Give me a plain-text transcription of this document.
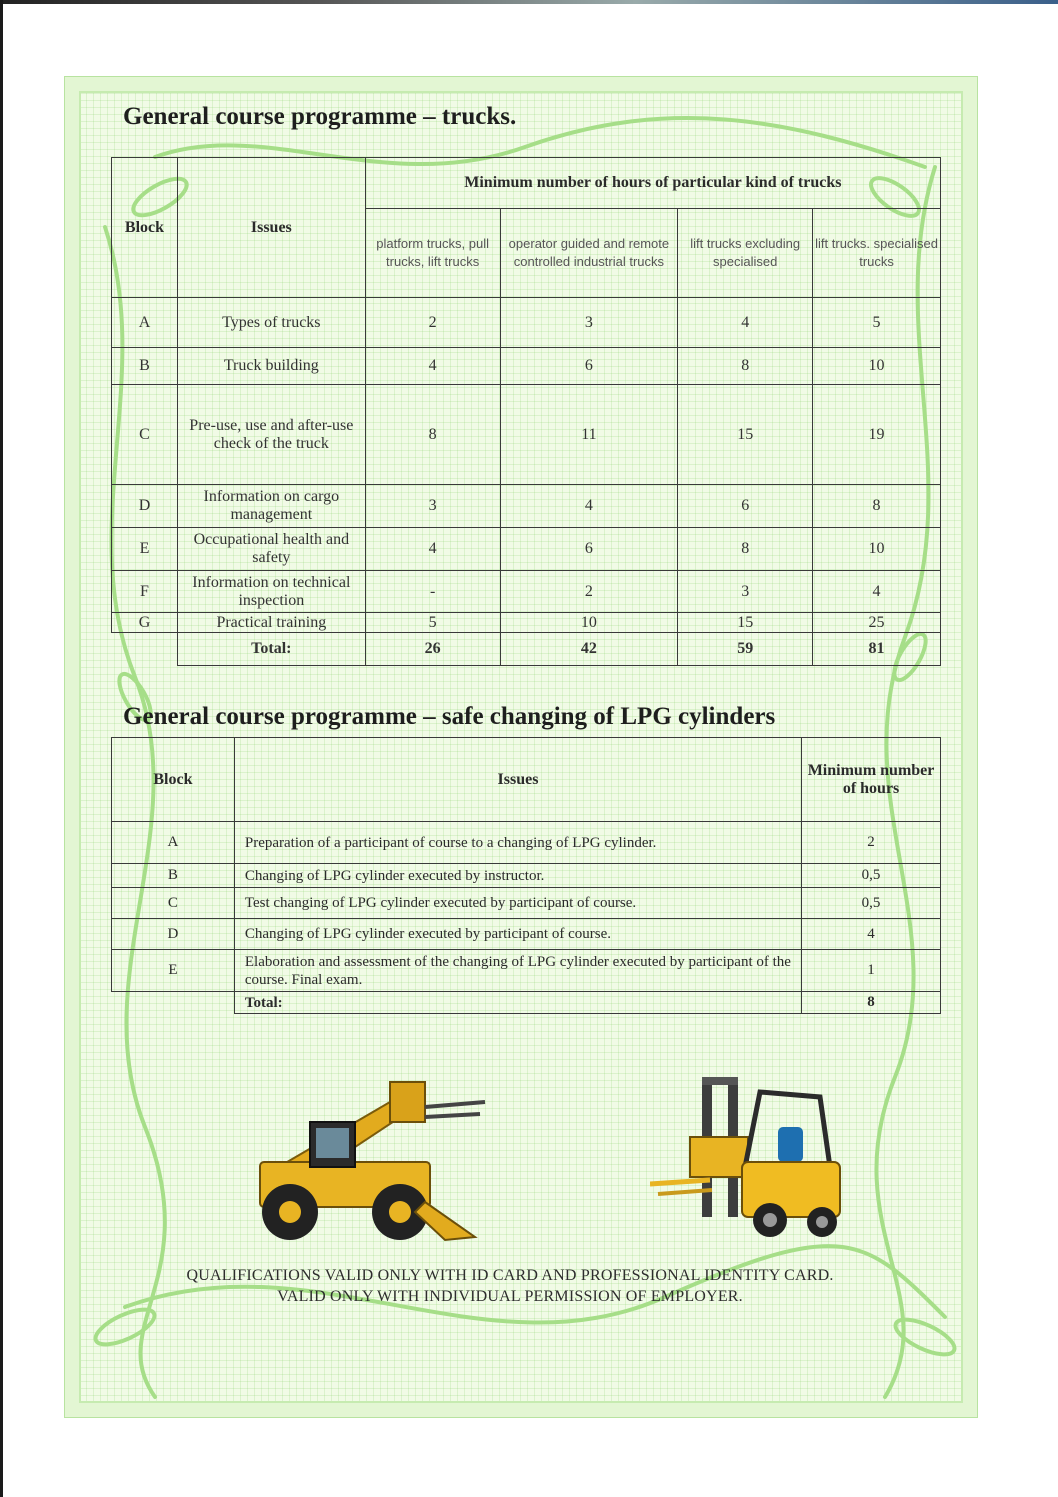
General course programme – trucks.
Block	Issues	Minimum number of hours of particular kind of trucks			
		platform trucks, pull trucks, lift trucks	operator guided and remote controlled industrial trucks	lift trucks excluding specialised	lift trucks. specialised trucks
A	Types of trucks	2	3	4	5
B	Truck building	4	6	8	10
C	Pre-use, use and after-use check of the truck	8	11	15	19
D	Information on cargo management	3	4	6	8
E	Occupational health and safety	4	6	8	10
F	Information on technical inspection	-	2	3	4
G	Practical training	5	10	15	25
	Total:	26	42	59	81
General course programme – safe changing of LPG cylinders
Block	Issues	Minimum number of hours
A	Preparation of a participant of course to a changing of LPG cylinder.	2
B	Changing of LPG cylinder executed by instructor.	0,5
C	Test changing of LPG cylinder executed by participant of course.	0,5
D	Changing of LPG cylinder executed by participant of course.	4
E	Elaboration and assessment of the changing of LPG cylinder executed by participant of the course. Final exam.	1
	Total:	8
QUALIFICATIONS VALID ONLY WITH ID CARD AND PROFESSIONAL IDENTITY CARD.
VALID ONLY WITH INDIVIDUAL PERMISSION OF EMPLOYER.
